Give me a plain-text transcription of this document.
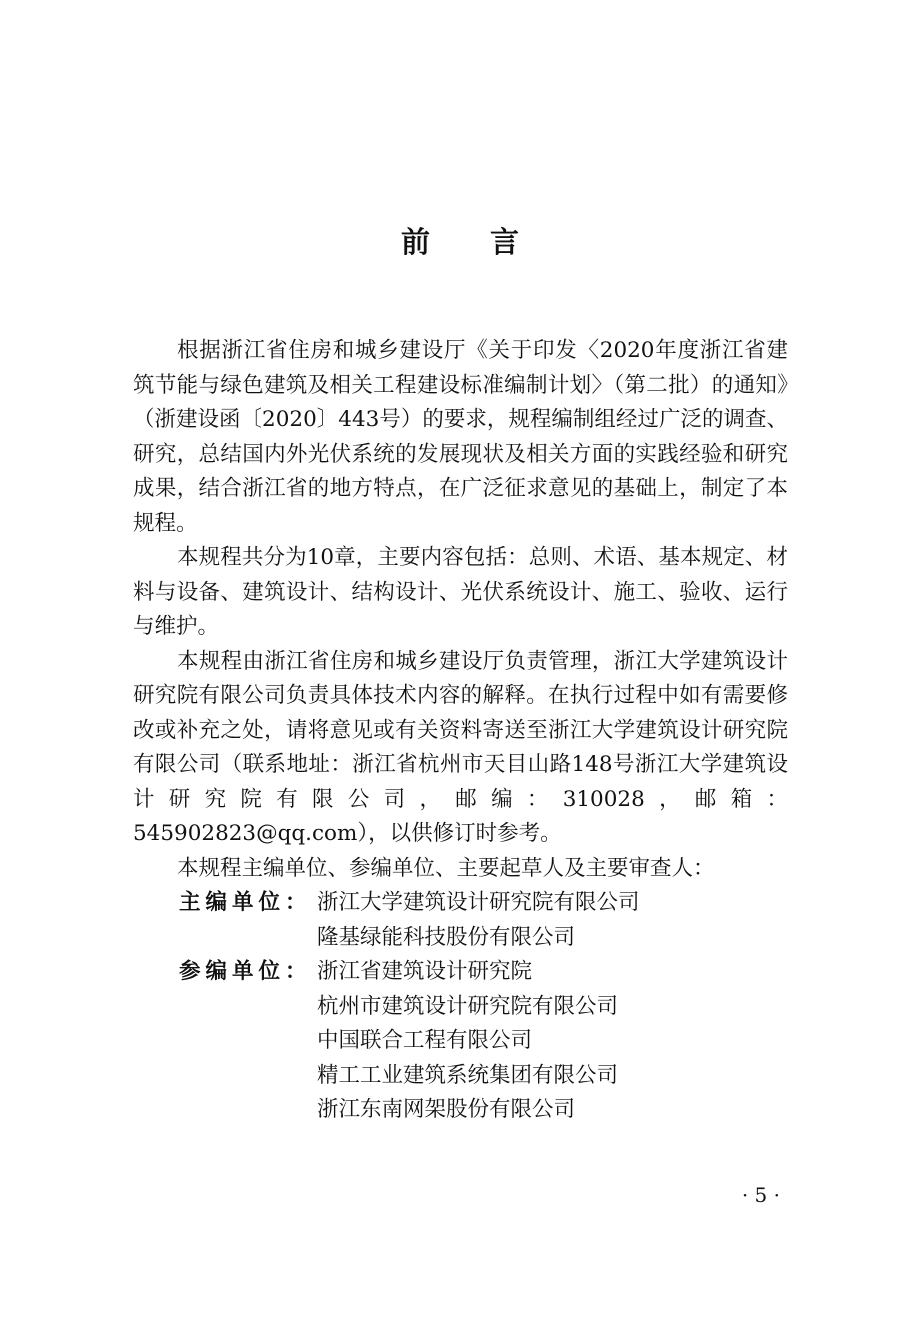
前言

根据浙江省住房和城乡建设厅《关于印发〈2020年度浙江省建筑节能与绿色建筑及相关工程建设标准编制计划〉（第二批）的通知》（浙建设函〔2020〕443号）的要求，规程编制组经过广泛的调查、研究，总结国内外光伏系统的发展现状及相关方面的实践经验和研究成果，结合浙江省的地方特点，在广泛征求意见的基础上，制定了本规程。

本规程共分为10章，主要内容包括：总则、术语、基本规定、材料与设备、建筑设计、结构设计、光伏系统设计、施工、验收、运行与维护。

本规程由浙江省住房和城乡建设厅负责管理，浙江大学建筑设计研究院有限公司负责具体技术内容的解释。在执行过程中如有需要修改或补充之处，请将意见或有关资料寄送至浙江大学建筑设计研究院有限公司（联系地址：浙江省杭州市天目山路148号浙江大学建筑设计研究院有限公司，邮编：310028，邮箱：545902823@qq.com），以供修订时参考。

本规程主编单位、参编单位、主要起草人及主要审查人：

主编单位： 浙江大学建筑设计研究院有限公司
隆基绿能科技股份有限公司
参编单位： 浙江省建筑设计研究院
杭州市建筑设计研究院有限公司
中国联合工程有限公司
精工工业建筑系统集团有限公司
浙江东南网架股份有限公司
· 5 ·
